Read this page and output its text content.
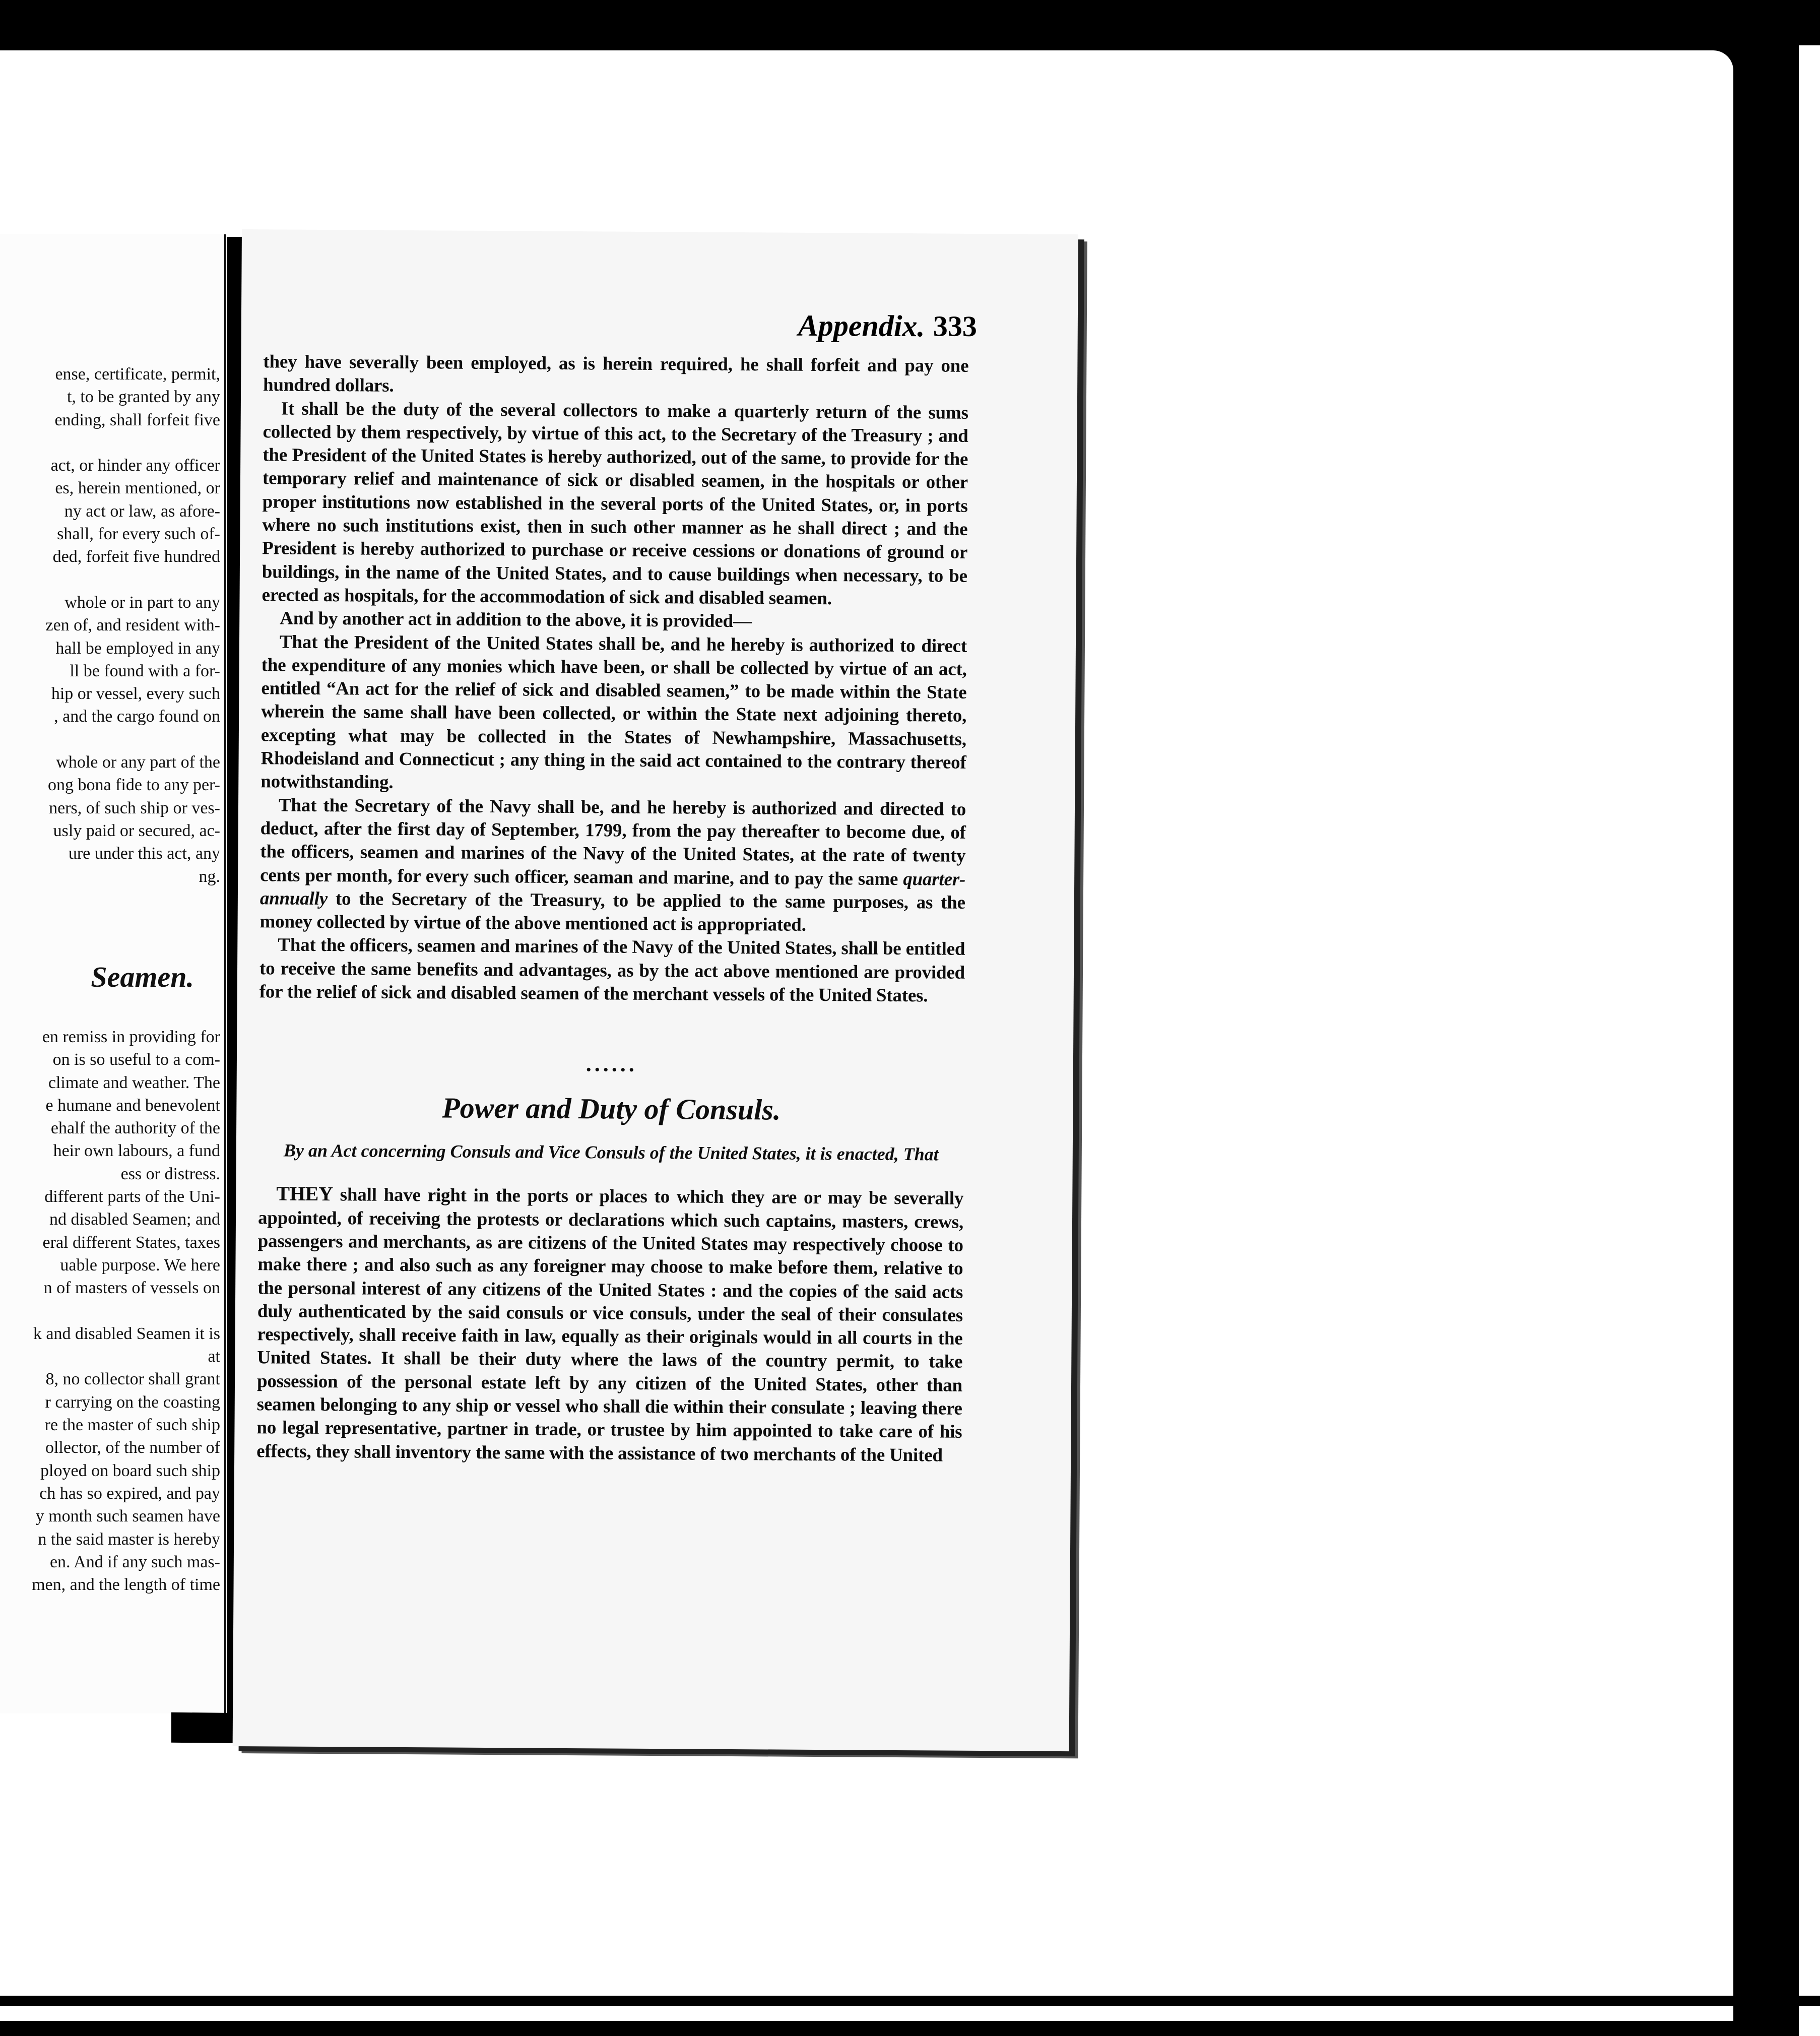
ense, certificate, permit,
t, to be granted by any
ending, shall forfeit five

act, or hinder any officer
es, herein mentioned, or
ny act or law, as afore-
shall, for every such of-
ded, forfeit five hundred

whole or in part to any
zen of, and resident with-
hall be employed in any
ll be found with a for-
hip or vessel, every such
, and the cargo found on

whole or any part of the
ong bona fide to any per-
ners, of such ship or ves-
usly paid or secured, ac-
ure under this act, any
ng.
Seamen.
en remiss in providing for
on is so useful to a com-
climate and weather. The
e humane and benevolent
ehalf the authority of the
heir own labours, a fund
ess or distress.
different parts of the Uni-
nd disabled Seamen; and
eral different States, taxes
uable purpose. We here
n of masters of vessels on

k and disabled Seamen it is
at
8, no collector shall grant
r carrying on the coasting
re the master of such ship
ollector, of the number of
ployed on board such ship
ch has so expired, and pay
y month such seamen have
n the said master is hereby
en. And if any such mas-
men, and the length of time
Appendix. 333

they have severally been employed, as is herein required, he shall forfeit and pay one hundred dollars.

It shall be the duty of the several collectors to make a quarterly return of the sums collected by them respectively, by virtue of this act, to the Secretary of the Treasury ; and the President of the United States is hereby authorized, out of the same, to provide for the temporary relief and maintenance of sick or disabled seamen, in the hospitals or other proper institutions now established in the several ports of the United States, or, in ports where no such institutions exist, then in such other manner as he shall direct ; and the President is hereby authorized to purchase or receive cessions or donations of ground or buildings, in the name of the United States, and to cause buildings when necessary, to be erected as hospitals, for the accommodation of sick and disabled seamen.

And by another act in addition to the above, it is provided—

That the President of the United States shall be, and he hereby is authorized to direct the expenditure of any monies which have been, or shall be collected by virtue of an act, entitled “An act for the relief of sick and disabled seamen,” to be made within the State wherein the same shall have been collected, or within the State next adjoining thereto, excepting what may be collected in the States of Newhampshire, Massachusetts, Rhodeisland and Connecticut ; any thing in the said act contained to the contrary thereof notwithstanding.

That the Secretary of the Navy shall be, and he hereby is authorized and directed to deduct, after the first day of September, 1799, from the pay thereafter to become due, of the officers, seamen and marines of the Navy of the United States, at the rate of twenty cents per month, for every such officer, seaman and marine, and to pay the same quarter-annually to the Secretary of the Treasury, to be applied to the same purposes, as the money collected by virtue of the above mentioned act is appropriated.

That the officers, seamen and marines of the Navy of the United States, shall be entitled to receive the same benefits and advantages, as by the act above mentioned are provided for the relief of sick and disabled seamen of the merchant vessels of the United States.

......
Power and Duty of Consuls.
By an Act concerning Consuls and Vice Consuls of the United States, it is enacted, That

THEY shall have right in the ports or places to which they are or may be severally appointed, of receiving the protests or declarations which such captains, masters, crews, passengers and merchants, as are citizens of the United States may respectively choose to make there ; and also such as any foreigner may choose to make before them, relative to the personal interest of any citizens of the United States : and the copies of the said acts duly authenticated by the said consuls or vice consuls, under the seal of their consulates respectively, shall receive faith in law, equally as their originals would in all courts in the United States. It shall be their duty where the laws of the country permit, to take possession of the personal estate left by any citizen of the United States, other than seamen belonging to any ship or vessel who shall die within their consulate ; leaving there no legal representative, partner in trade, or trustee by him appointed to take care of his effects, they shall inventory the same with the assistance of two merchants of the United
